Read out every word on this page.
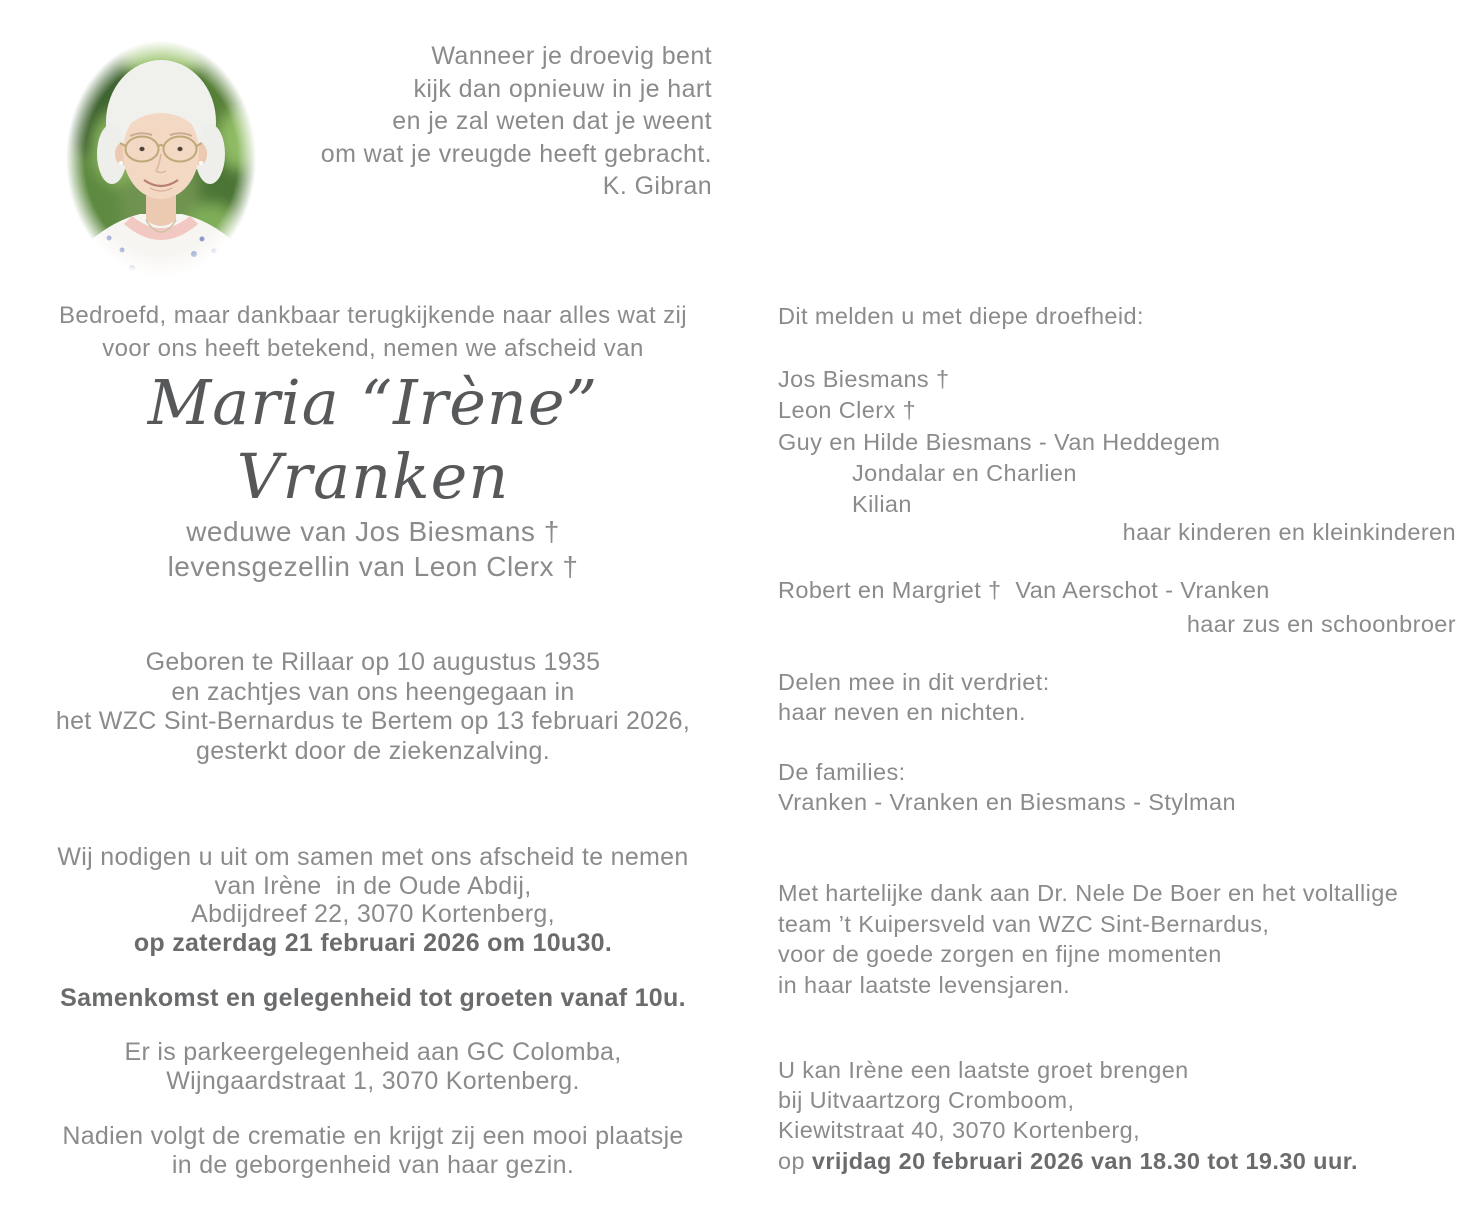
Wanneer je droevig bent
kijk dan opnieuw in je hart
en je zal weten dat je weent
om wat je vreugde heeft gebracht.
K. Gibran
Bedroefd, maar dankbaar terugkijkende naar alles wat zij
voor ons heeft betekend, nemen we afscheid van
Maria “Irène” Vranken
weduwe van Jos Biesmans †
levensgezellin van Leon Clerx †
Geboren te Rillaar op 10 augustus 1935
en zachtjes van ons heengegaan in
het WZC Sint-Bernardus te Bertem op 13 februari 2026,
gesterkt door de ziekenzalving.
Wij nodigen u uit om samen met ons afscheid te nemen
van Irène  in de Oude Abdij,
Abdijdreef 22, 3070 Kortenberg,
op zaterdag 21 februari 2026 om 10u30.
Samenkomst en gelegenheid tot groeten vanaf 10u.
Er is parkeergelegenheid aan GC Colomba,
Wijngaardstraat 1, 3070 Kortenberg.
Nadien volgt de crematie en krijgt zij een mooi plaatsje
in de geborgenheid van haar gezin.
Dit melden u met diepe droefheid:
Jos Biesmans †
Leon Clerx †
Guy en Hilde Biesmans - Van Heddegem
Jondalar en Charlien
Kilian
haar kinderen en kleinkinderen
Robert en Margriet †  Van Aerschot - Vranken
haar zus en schoonbroer
Delen mee in dit verdriet:
haar neven en nichten.
De families:
Vranken - Vranken en Biesmans - Stylman
Met hartelijke dank aan Dr. Nele De Boer en het voltallige
team ’t Kuipersveld van WZC Sint-Bernardus,
voor de goede zorgen en fijne momenten
in haar laatste levensjaren.
U kan Irène een laatste groet brengen
bij Uitvaartzorg Cromboom,
Kiewitstraat 40, 3070 Kortenberg,
op vrijdag 20 februari 2026 van 18.30 tot 19.30 uur.
